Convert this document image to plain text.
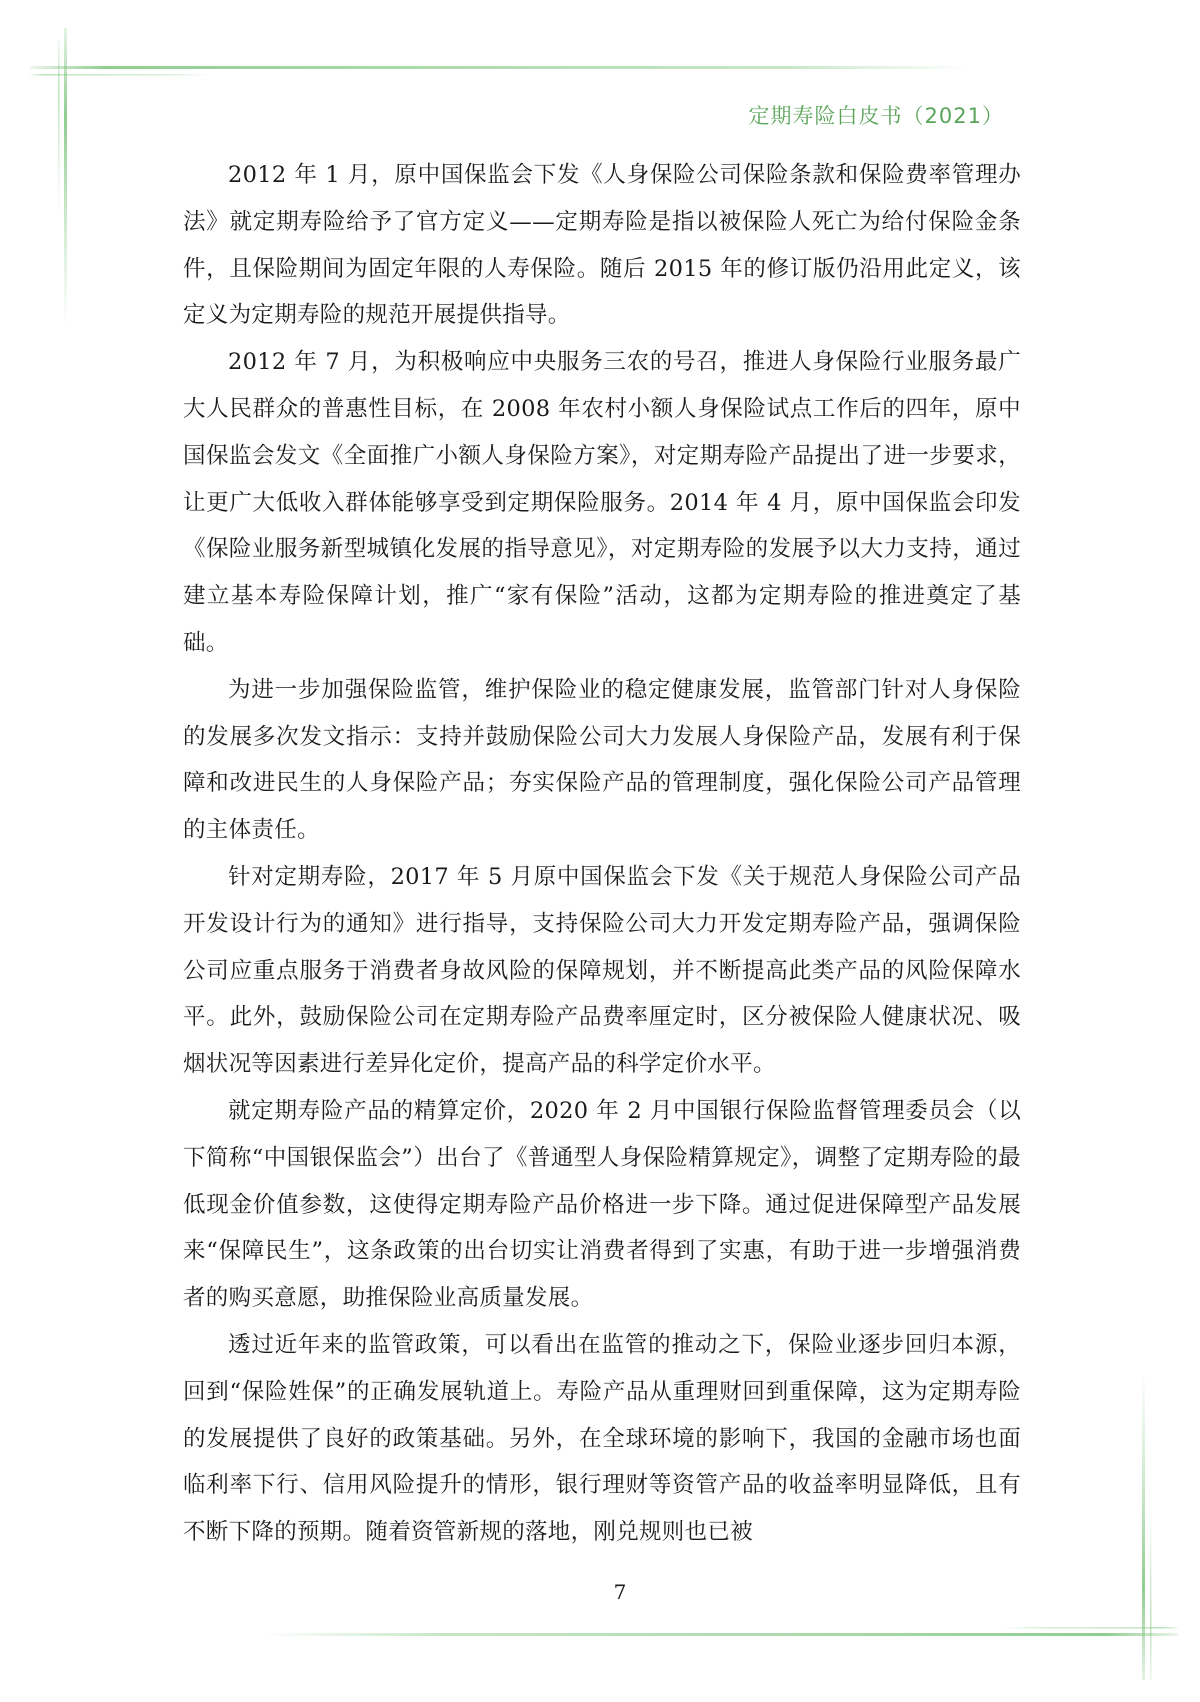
定期寿险白皮书（2021）

2012 年 1 月，原中国保监会下发《人身保险公司保险条款和保险费率管理办法》就定期寿险给予了官方定义——定期寿险是指以被保险人死亡为给付保险金条件，且保险期间为固定年限的人寿保险。随后 2015 年的修订版仍沿用此定义，该定义为定期寿险的规范开展提供指导。

2012 年 7 月，为积极响应中央服务三农的号召，推进人身保险行业服务最广大人民群众的普惠性目标，在 2008 年农村小额人身保险试点工作后的四年，原中国保监会发文《全面推广小额人身保险方案》，对定期寿险产品提出了进一步要求，让更广大低收入群体能够享受到定期保险服务。2014 年 4 月，原中国保监会印发《保险业服务新型城镇化发展的指导意见》，对定期寿险的发展予以大力支持，通过建立基本寿险保障计划，推广“家有保险”活动，这都为定期寿险的推进奠定了基础。

为进一步加强保险监管，维护保险业的稳定健康发展，监管部门针对人身保险的发展多次发文指示：支持并鼓励保险公司大力发展人身保险产品，发展有利于保障和改进民生的人身保险产品；夯实保险产品的管理制度，强化保险公司产品管理的主体责任。

针对定期寿险，2017 年 5 月原中国保监会下发《关于规范人身保险公司产品开发设计行为的通知》进行指导，支持保险公司大力开发定期寿险产品，强调保险公司应重点服务于消费者身故风险的保障规划，并不断提高此类产品的风险保障水平。此外，鼓励保险公司在定期寿险产品费率厘定时，区分被保险人健康状况、吸烟状况等因素进行差异化定价，提高产品的科学定价水平。

就定期寿险产品的精算定价，2020 年 2 月中国银行保险监督管理委员会（以下简称“中国银保监会”）出台了《普通型人身保险精算规定》，调整了定期寿险的最低现金价值参数，这使得定期寿险产品价格进一步下降。通过促进保障型产品发展来“保障民生”，这条政策的出台切实让消费者得到了实惠，有助于进一步增强消费者的购买意愿，助推保险业高质量发展。

透过近年来的监管政策，可以看出在监管的推动之下，保险业逐步回归本源，回到“保险姓保”的正确发展轨道上。寿险产品从重理财回到重保障，这为定期寿险的发展提供了良好的政策基础。另外，在全球环境的影响下，我国的金融市场也面临利率下行、信用风险提升的情形，银行理财等资管产品的收益率明显降低，且有不断下降的预期。随着资管新规的落地，刚兑规则也已被

7
